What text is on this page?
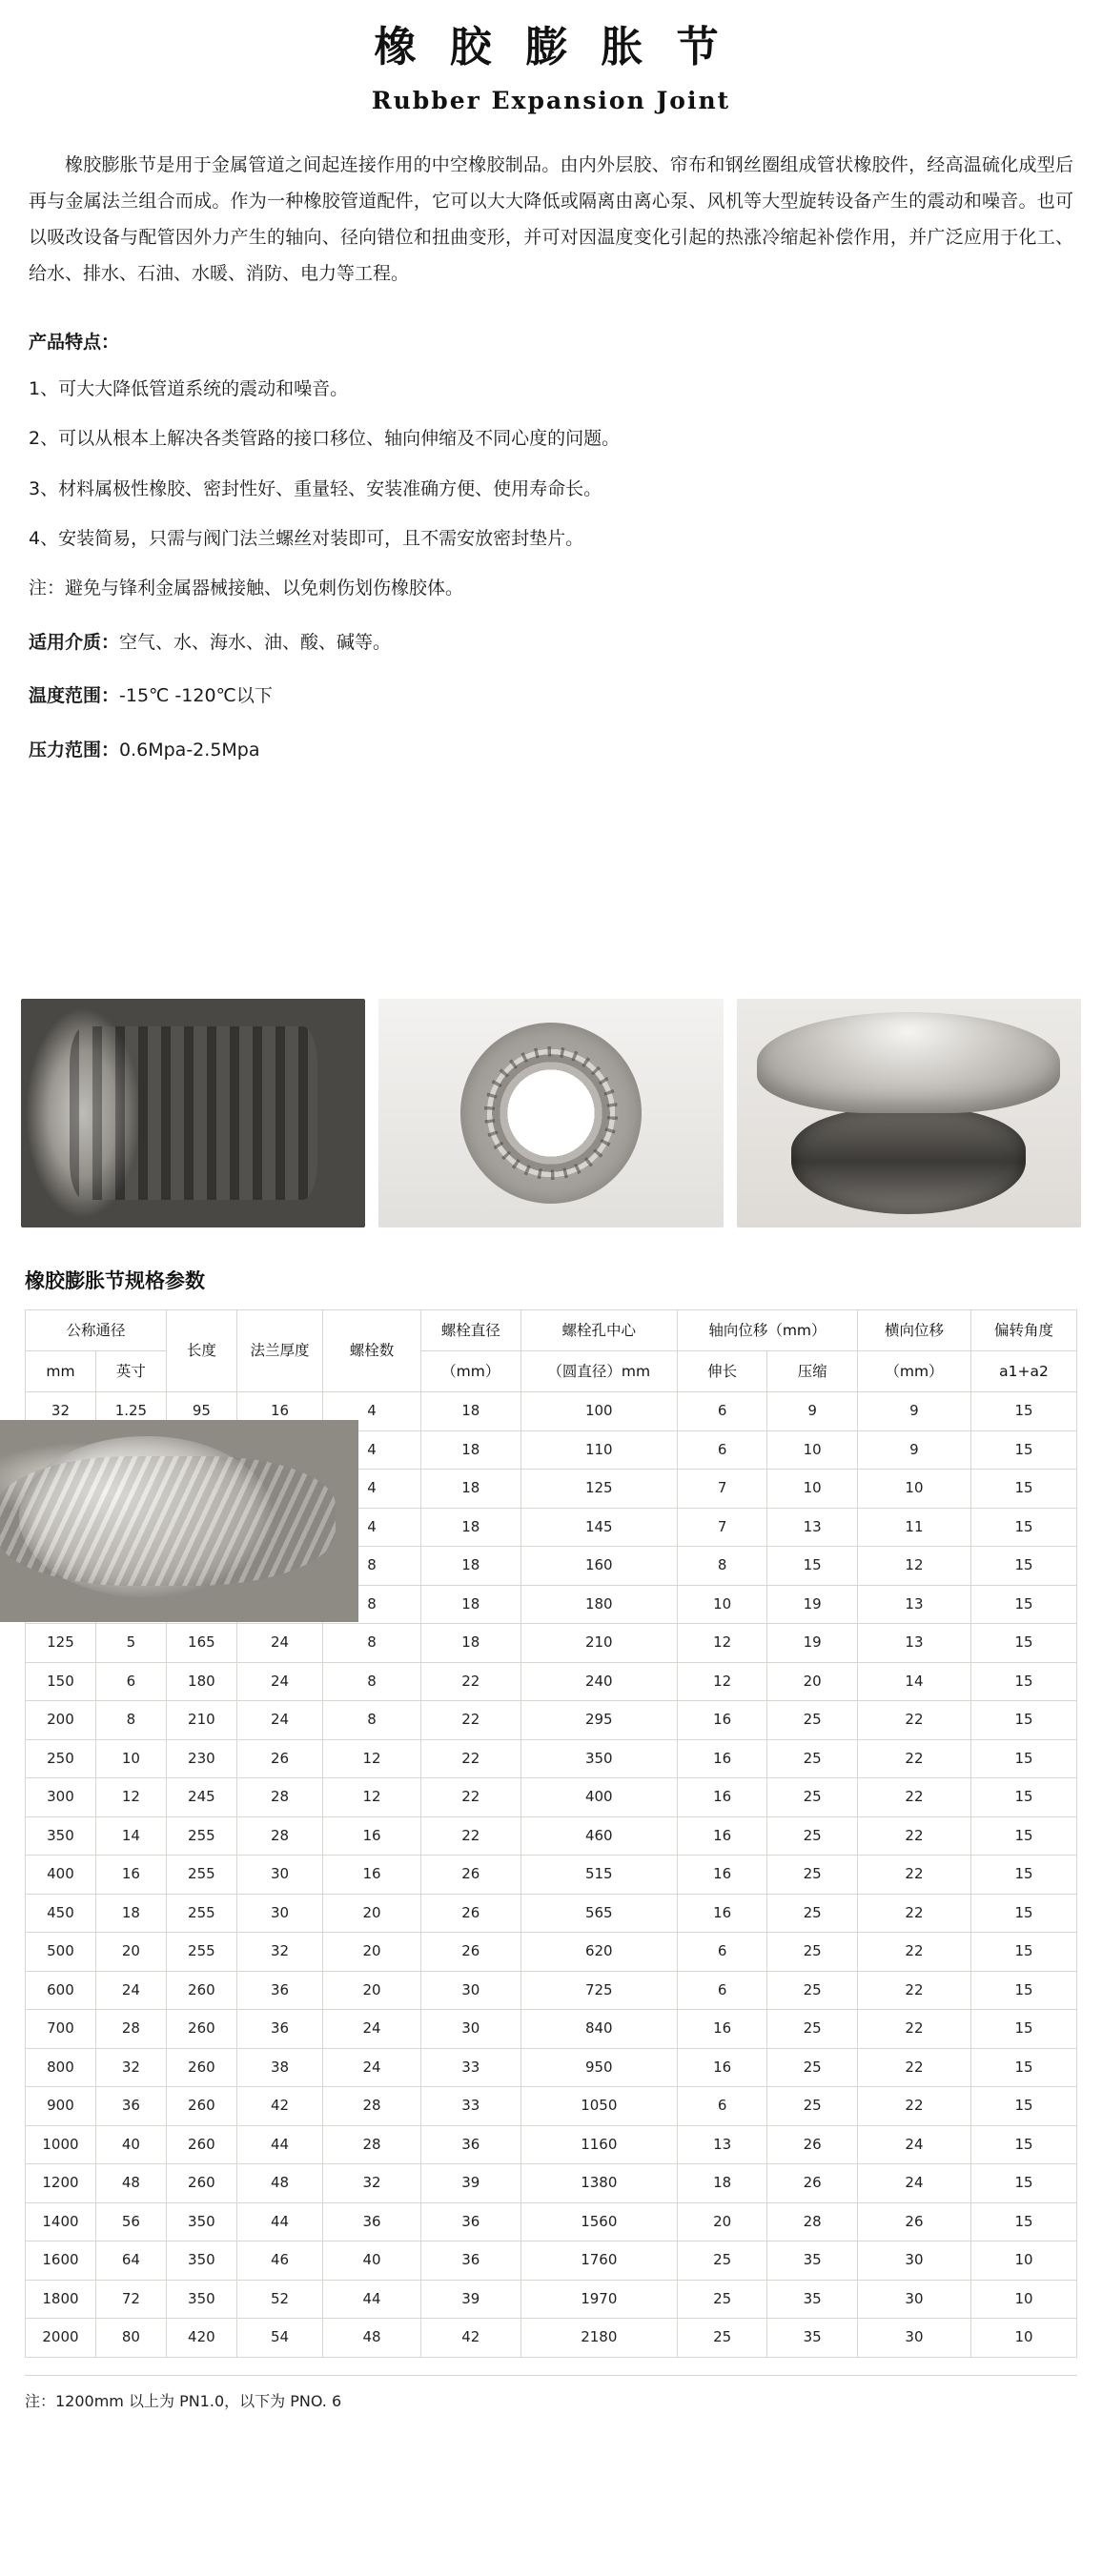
橡 胶 膨 胀 节
Rubber Expansion Joint

橡胶膨胀节是用于金属管道之间起连接作用的中空橡胶制品。由内外层胶、帘布和钢丝圈组成管状橡胶件，经高温硫化成型后再与金属法兰组合而成。作为一种橡胶管道配件，它可以大大降低或隔离由离心泵、风机等大型旋转设备产生的震动和噪音。也可以吸改设备与配管因外力产生的轴向、径向错位和扭曲变形，并可对因温度变化引起的热涨冷缩起补偿作用，并广泛应用于化工、给水、排水、石油、水暖、消防、电力等工程。

产品特点：
1、可大大降低管道系统的震动和噪音。
2、可以从根本上解决各类管路的接口移位、轴向伸缩及不同心度的问题。
3、材料属极性橡胶、密封性好、重量轻、安装准确方便、使用寿命长。
4、安装简易，只需与阀门法兰螺丝对装即可，且不需安放密封垫片。
注：避免与锋利金属器械接触、以免刺伤划伤橡胶体。
适用介质：空气、水、海水、油、酸、碱等。
温度范围：-15℃ -120℃以下
压力范围：0.6Mpa-2.5Mpa
橡胶膨胀节规格参数
公称通径		长度	法兰厚度	螺栓数	螺栓直径	螺栓孔中心	轴向位移（mm）		横向位移	偏转角度
mm	英寸				（mm）	（圆直径）mm	伸长	压缩	（mm）	a1+a2
32	1.25	95	16	4	18	100	6	9	9	15
				4	18	110	6	10	9	15
				4	18	125	7	10	10	15
				4	18	145	7	13	11	15
				8	18	160	8	15	12	15
				8	18	180	10	19	13	15
125	5	165	24	8	18	210	12	19	13	15
150	6	180	24	8	22	240	12	20	14	15
200	8	210	24	8	22	295	16	25	22	15
250	10	230	26	12	22	350	16	25	22	15
300	12	245	28	12	22	400	16	25	22	15
350	14	255	28	16	22	460	16	25	22	15
400	16	255	30	16	26	515	16	25	22	15
450	18	255	30	20	26	565	16	25	22	15
500	20	255	32	20	26	620	6	25	22	15
600	24	260	36	20	30	725	6	25	22	15
700	28	260	36	24	30	840	16	25	22	15
800	32	260	38	24	33	950	16	25	22	15
900	36	260	42	28	33	1050	6	25	22	15
1000	40	260	44	28	36	1160	13	26	24	15
1200	48	260	48	32	39	1380	18	26	24	15
1400	56	350	44	36	36	1560	20	28	26	15
1600	64	350	46	40	36	1760	25	35	30	10
1800	72	350	52	44	39	1970	25	35	30	10
2000	80	420	54	48	42	2180	25	35	30	10
注：1200mm 以上为 PN1.0，以下为 PNO. 6
